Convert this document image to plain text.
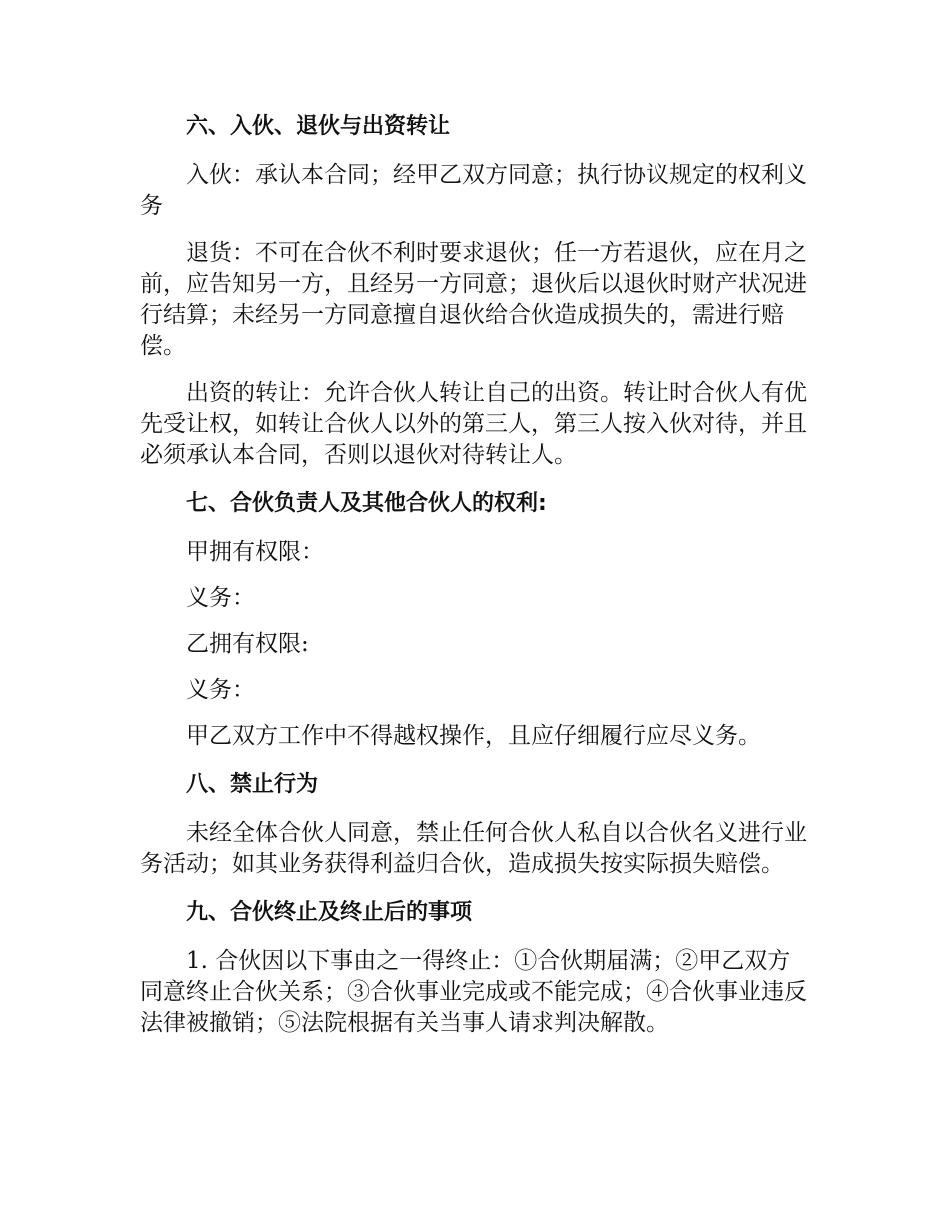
六、入伙、退伙与出资转让
入伙：承认本合同；经甲乙双方同意；执行协议规定的权利义务
退货：不可在合伙不利时要求退伙；任一方若退伙，应在月之前，应告知另一方，且经另一方同意；退伙后以退伙时财产状况进行结算；未经另一方同意擅自退伙给合伙造成损失的，需进行赔偿。
出资的转让：允许合伙人转让自己的出资。转让时合伙人有优先受让权，如转让合伙人以外的第三人，第三人按入伙对待，并且必须承认本合同，否则以退伙对待转让人。
七、合伙负责人及其他合伙人的权利:
甲拥有权限：
义务：
乙拥有权限:
义务：
甲乙双方工作中不得越权操作，且应仔细履行应尽义务。
八、禁止行为
未经全体合伙人同意，禁止任何合伙人私自以合伙名义进行业务活动；如其业务获得利益归合伙，造成损失按实际损失赔偿。
九、合伙终止及终止后的事项
1. 合伙因以下事由之一得终止：①合伙期届满；②甲乙双方同意终止合伙关系；③合伙事业完成或不能完成；④合伙事业违反法律被撤销；⑤法院根据有关当事人请求判决解散。
